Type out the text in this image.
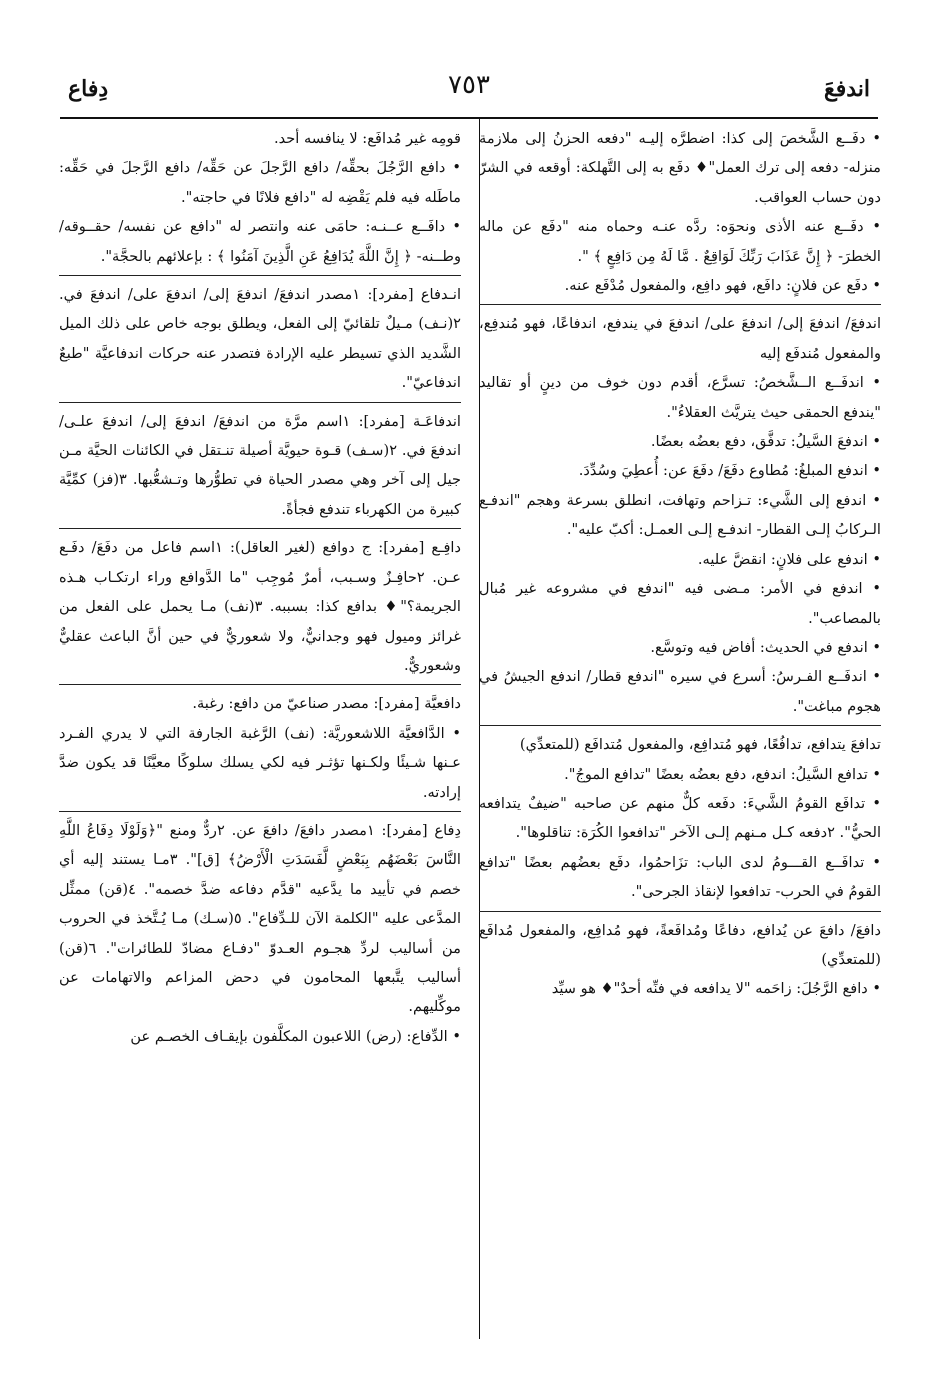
اندفعَ
٧٥٣
دِفاع

• دفَــع الشَّخصَ إلى كذا: اضطرَّه إليـه "دفعه الحزنُ إلى ملازمة منزله- دفعه إلى ترك العمل"♦ دفَع به إلى التَّهلكة: أوقعه في الشرّ دون حساب العواقب.

• دفَــع عنه الأذى ونحوَه: ردَّه عنـه وحماه منه "دفَع عن ماله الخطرَ- ﴿ إِنَّ عَذَابَ رَبِّكَ لَوَاقِعٌ . مَّا لَهُ مِن دَافِعٍ ﴾ ".

• دفَع عن فلانٍ: دافَع، فهو دافِع، والمفعول مُدْفَع عنه.

اندفعَ/ اندفعَ إلى/ اندفعَ على/ اندفعَ في يندفع، اندفاعًا، فهو مُندفِع، والمفعول مُندفَع إليه

• اندفَــع الــشَّخصُ: تسرَّع، أقدم دون خوف من دينٍ أو تقاليد "يندفع الحمقى حيث يتريَّث العقلاءُ".

• اندفعَ السَّيلُ: تدفَّق، دفع بعضُه بعضًا.

• اندفع المبلغُ: مُطاوع دفَعَ/ دفَعَ عن: أُعطِيَ وسُدِّدَ.

• اندفع إلى الشَّيء: تـزاحم وتهافت، انطلق بسرعة وهجم "اندفـع الـركابُ إلـى القطار- اندفـع إلـى العمـل: أكبّ عليه".

• اندفع على فلانٍ: انقضَّ عليه.

• اندفع في الأمر: مـضى فيه "اندفع في مشروعه غير مُبال بالمصاعب".

• اندفع في الحديث: أفاض فيه وتوسَّع.

• اندفَــع الفـرسُ: أسرع في سيره "اندفع قطار/ اندفع الجيشُ في هجوم مباغت".

تدافعَ يتدافع، تدافُعًا، فهو مُتدافِع، والمفعول مُتدافَع (للمتعدِّي)

• تدافع السَّيلُ: اندفع، دفع بعضُه بعضًا "تدافع الموجُ".

• تدافَع القومُ الشَّيءَ: دفَعه كلٌّ منهم عن صاحبه "ضيفٌ يتدافعه الحيُّ". ٢دفعه كـل مـنهم إلـى الآخر "تدافعوا الكُرَة: تناقلوها".

• تدافَــع القـــومُ لدى الباب: تزَاحمُوا، دفَع بعضُهم بعضًا "تدافع القومُ في الحرب- تدافعوا لإنقاذ الجرحى".

دافعَ/ دافعَ عن يُدافع، دفاعًا ومُدافَعةً، فهو مُدافِع، والمفعول مُدافَع (للمتعدِّي)

• دافع الرَّجُلَ: زاحَمه "لا يدافعه في فنِّه أحدٌ"♦ هو سيِّد

قومِه غير مُدافَع: لا ينافسه أحد.

• دافع الرَّجُلَ بحقِّه/ دافع الرَّجلَ عن حَقِّه/ دافع الرَّجلَ في حَقِّه: ماطَله فيه فلم يَقْضِه له "دافع فلانًا في حاجته".

• دافَــع عــنـه: حامَى عنه وانتصر له "دافع عن نفسه/ حقــوقه/ وطــنه- ﴿ إِنَّ اللَّهَ يُدَافِعُ عَنِ الَّذِينَ آمَنُوا ﴾ : بإعلائهم بالحجَّة".

انـدفاع [مفرد]: ١مصدر اندفعَ/ اندفعَ إلى/ اندفعَ على/ اندفعَ في. ٢(نـف) مـيلٌ تلقائيّ إلى الفعل، ويطلق بوجه خاص على ذلك الميل الشَّديد الذي تسيطر عليه الإرادة فتصدر عنه حركات اندفاعيَّة "طبعٌ اندفاعيّ".

اندفاعَـة [مفرد]: ١اسم مرَّة من اندفعَ/ اندفعَ إلى/ اندفعَ علـى/ اندفعَ في. ٢(سـف) قـوة حيويَّة أصيلة تنـتقل في الكائنات الحيَّة مـن جيل إلى آخر وهي مصدر الحياة في تطوُّرها وتـشعُّبها. ٣(فز) كمِّيَّة كبيرة من الكهرباء تندفع فجأةً.

دافِـع [مفرد]: ج دوافع (لغير العاقل): ١اسم فاعل من دفَعَ/ دفَـع عـن. ٢حافِـزٌ وسـبب، أمرٌ مُوجِب "ما الدَّوافع وراء ارتكـاب هـذه الجريمة؟"♦ بدافع كذا: بسببه. ٣(نف) مـا يحمل على الفعل من غرائز وميول فهو وجدانيٌّ، ولا شعوريٌّ في حين أنَّ الباعث عقليٌّ وشعوريٌّ.

دافعيَّة [مفرد]: مصدر صناعيّ من دافع: رغبة.

• الدَّافعيَّة اللاشعوريَّة: (نف) الرَّغبة الجارفة التي لا يدري الفـرد عـنها شـيئًا ولكـنها تؤثـر فيه لكي يسلك سلوكًا معيَّنًا قد يكون ضدَّ إرادته.

دِفاع [مفرد]: ١مصدر دافعَ/ دافعَ عن. ٢ردٌّ ومنع "﴿وَلَوْلَا دِفَاعُ اللَّهِ النَّاسَ بَعْضَهُم بِبَعْضٍ لَّفَسَدَتِ الْأَرْضُ﴾ [ق]". ٣مـا يستند إليه أي خصم في تأييد ما يدَّعيه "قدَّم دفاعه ضدَّ خصمه". ٤(قن) ممثِّل المدَّعى عليه "الكلمة الآن للـدِّفاع". ٥(سـك) مـا يُـتَّخذ في الحروب من أساليب لردِّ هجـوم العـدوّ "دفـاع مضادّ للطائرات". ٦(قن) أساليب يتَّبعها المحامون في دحض المزاعم والاتهامات عن موكِّليهم.

• الدِّفاع: (رض) اللاعبون المكلَّفون بإيقـاف الخصـم عن
